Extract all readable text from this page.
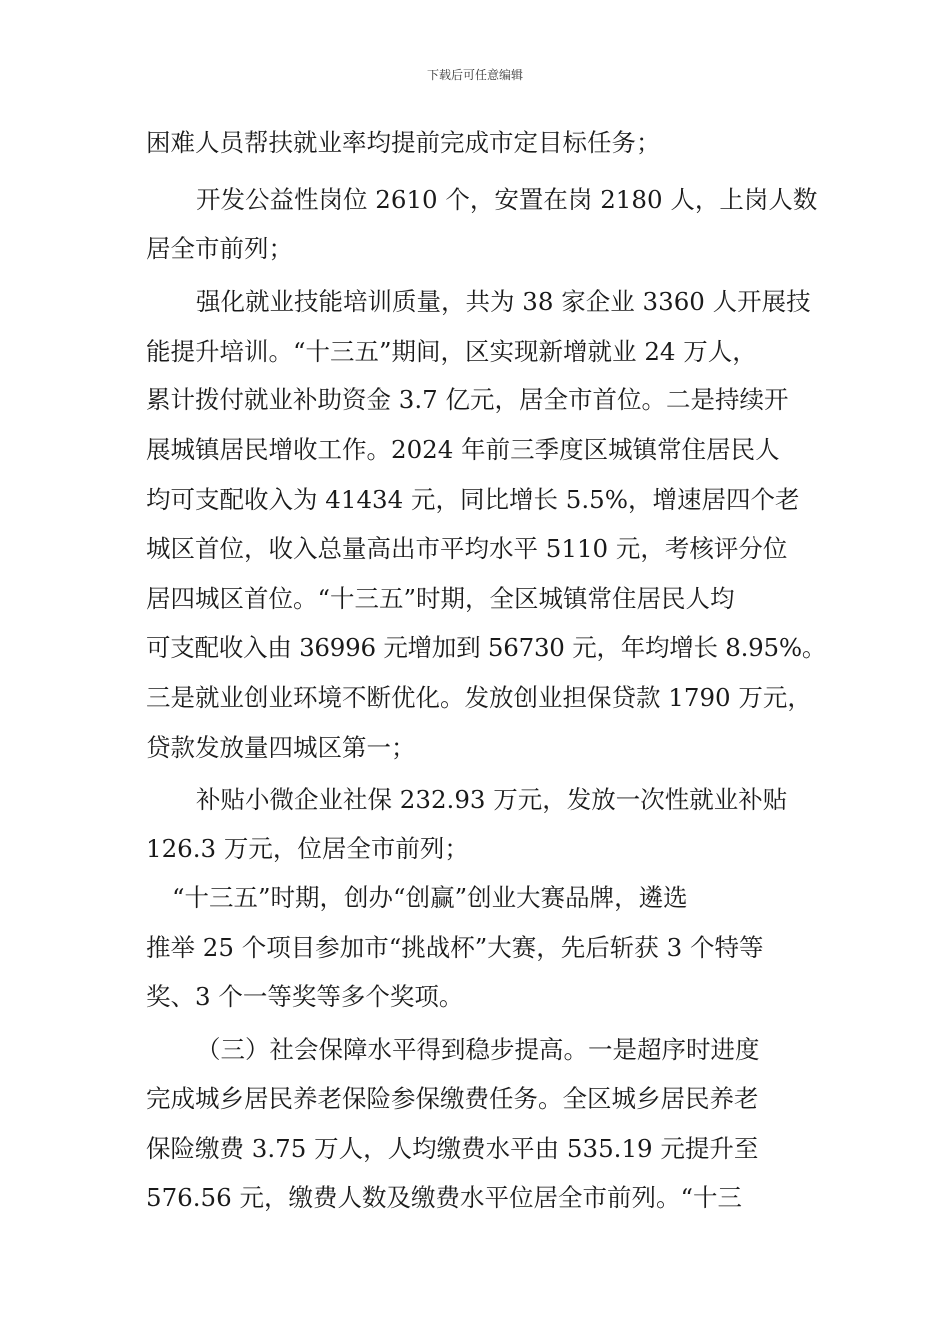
下载后可任意编辑
困难人员帮扶就业率均提前完成市定目标任务；
开发公益性岗位 2610 个，安置在岗 2180 人，上岗人数
居全市前列；
强化就业技能培训质量，共为 38 家企业 3360 人开展技
能提升培训。“十三五”期间，区实现新增就业 24 万人，
累计拨付就业补助资金 3.7 亿元，居全市首位。二是持续开
展城镇居民增收工作。2024 年前三季度区城镇常住居民人
均可支配收入为 41434 元，同比增长 5.5%，增速居四个老
城区首位，收入总量高出市平均水平 5110 元，考核评分位
居四城区首位。“十三五”时期，全区城镇常住居民人均
可支配收入由 36996 元增加到 56730 元，年均增长 8.95%。
三是就业创业环境不断优化。发放创业担保贷款 1790 万元，
贷款发放量四城区第一；
补贴小微企业社保 232.93 万元，发放一次性就业补贴
126.3 万元，位居全市前列；
“十三五”时期，创办“创赢”创业大赛品牌，遴选
推举 25 个项目参加市“挑战杯”大赛，先后斩获 3 个特等
奖、3 个一等奖等多个奖项。
（三）社会保障水平得到稳步提高。一是超序时进度
完成城乡居民养老保险参保缴费任务。全区城乡居民养老
保险缴费 3.75 万人，人均缴费水平由 535.19 元提升至
576.56 元，缴费人数及缴费水平位居全市前列。“十三
